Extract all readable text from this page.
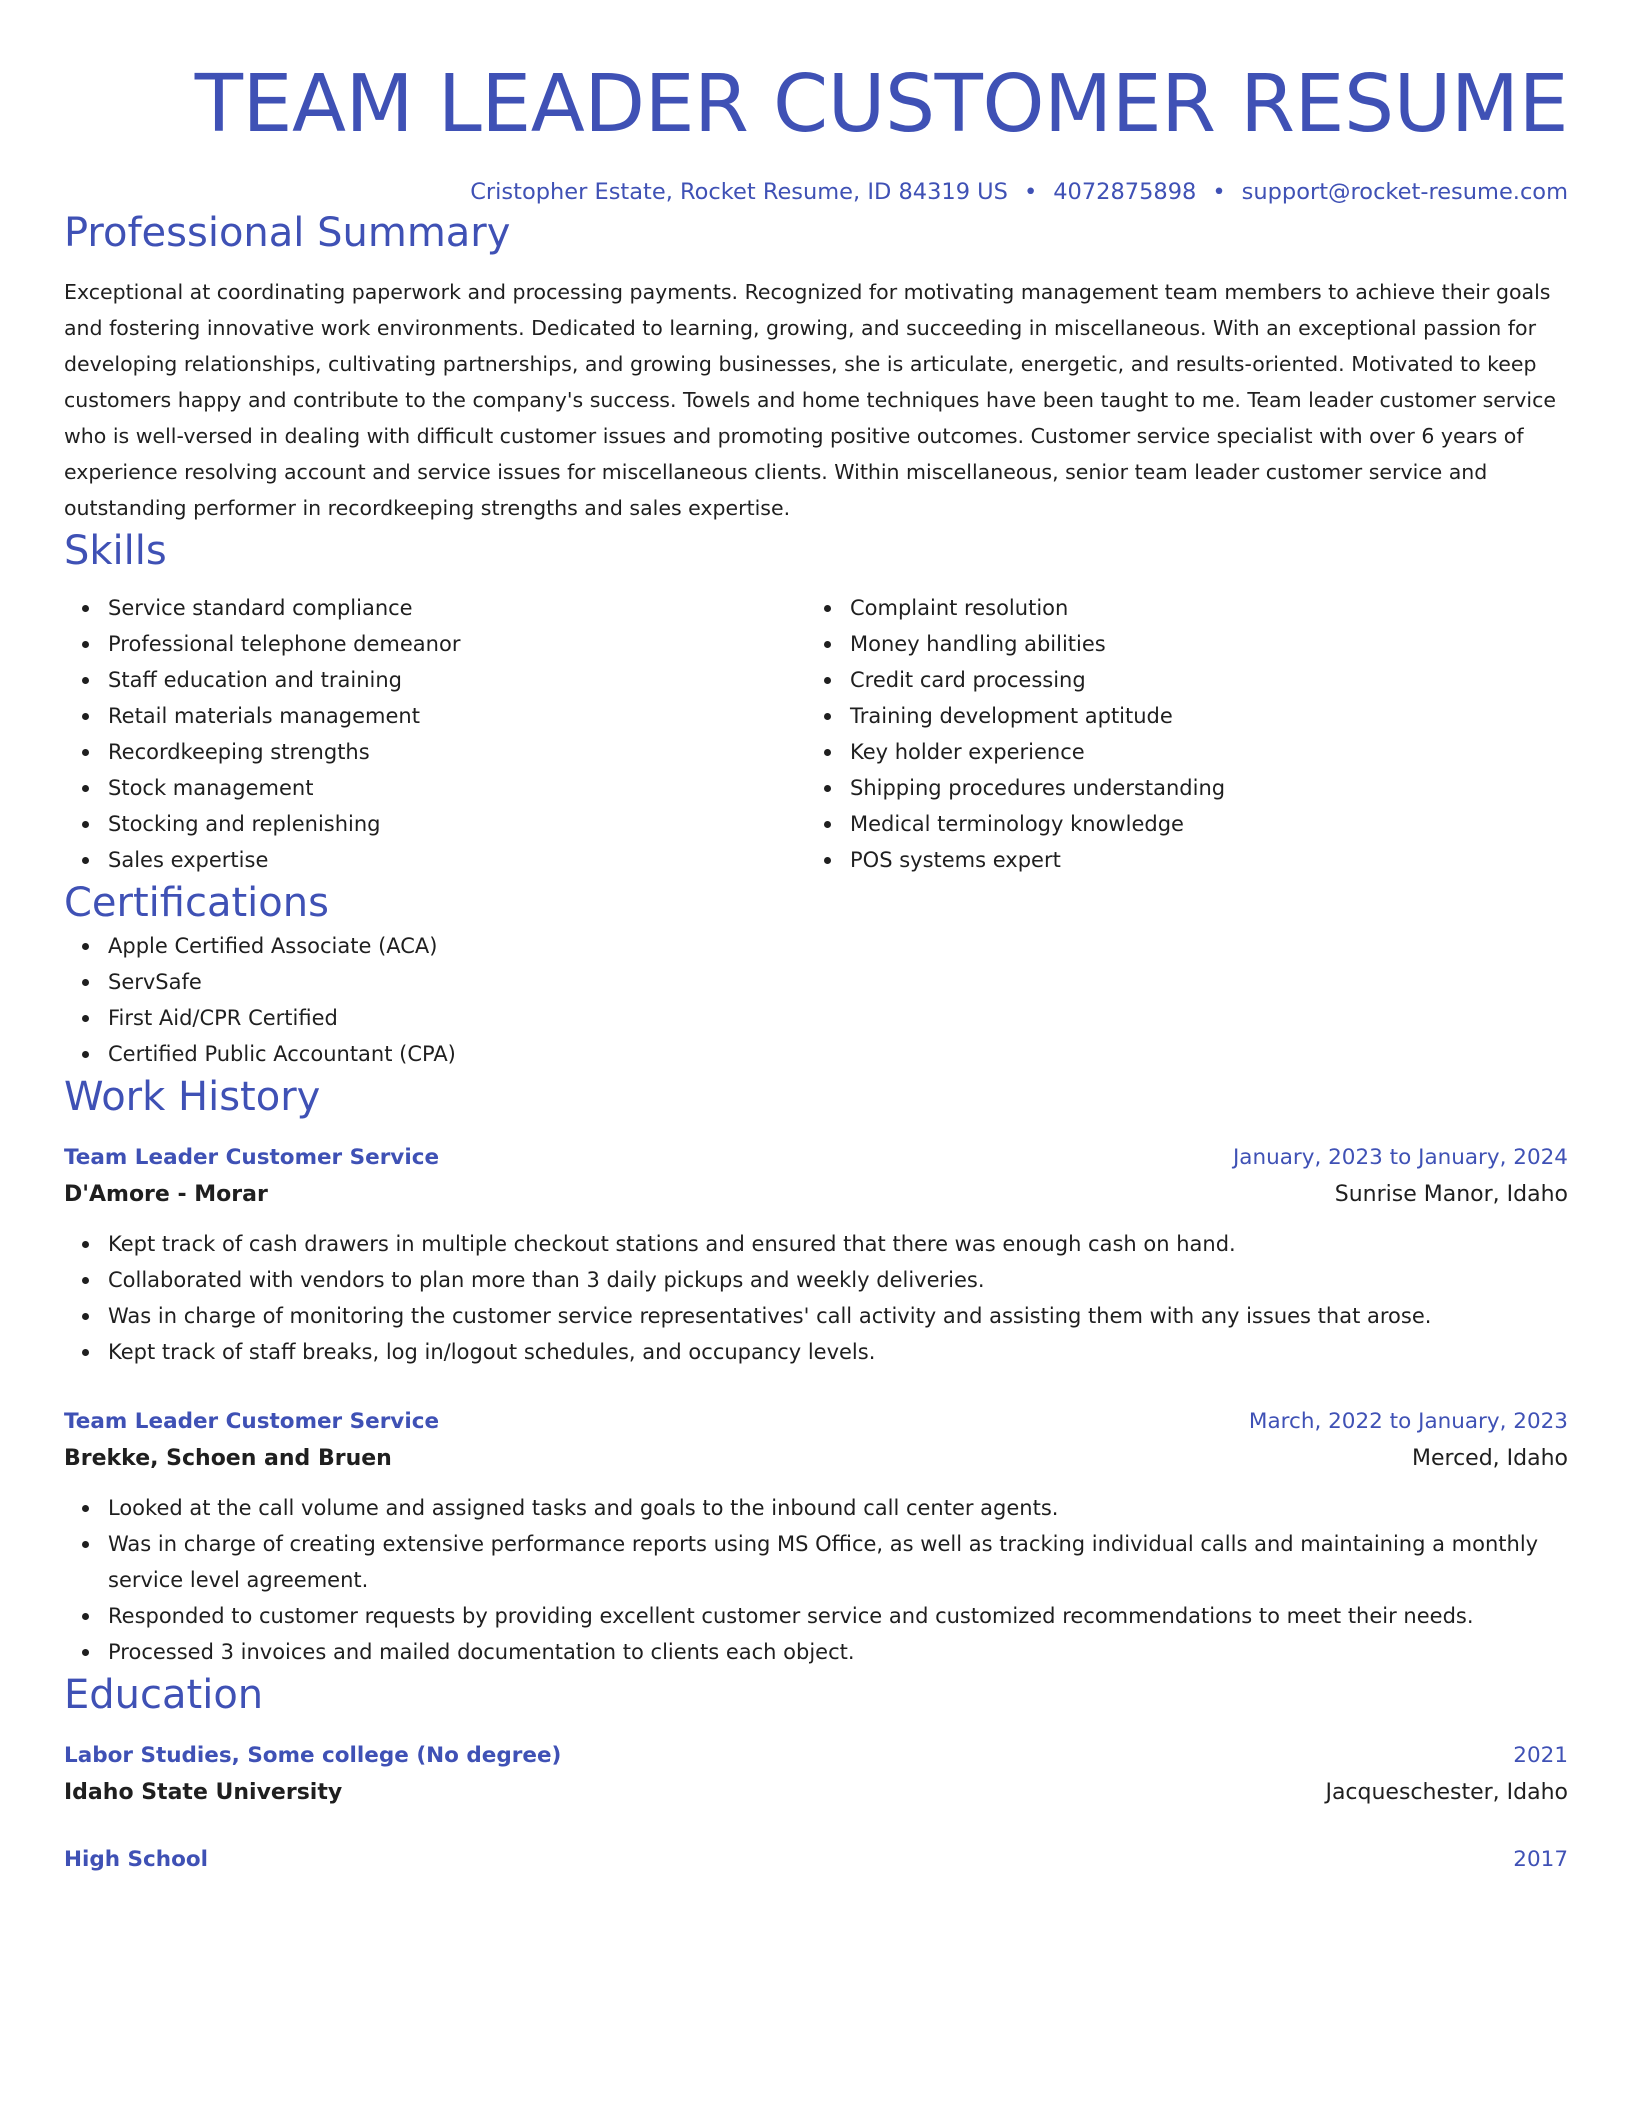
TEAM LEADER CUSTOMER RESUME
Cristopher Estate, Rocket Resume, ID 84319 US • 4072875898 • support@rocket-resume.com
Professional Summary

Exceptional at coordinating paperwork and processing payments. Recognized for motivating management team members to achieve their goals and fostering innovative work environments. Dedicated to learning, growing, and succeeding in miscellaneous. With an exceptional passion for developing relationships, cultivating partnerships, and growing businesses, she is articulate, energetic, and results-oriented. Motivated to keep customers happy and contribute to the company's success. Towels and home techniques have been taught to me. Team leader customer service who is well-versed in dealing with difficult customer issues and promoting positive outcomes. Customer service specialist with over 6 years of experience resolving account and service issues for miscellaneous clients. Within miscellaneous, senior team leader customer service and outstanding performer in recordkeeping strengths and sales expertise.

Skills
Service standard compliance
Professional telephone demeanor
Staff education and training
Retail materials management
Recordkeeping strengths
Stock management
Stocking and replenishing
Sales expertise
Complaint resolution
Money handling abilities
Credit card processing
Training development aptitude
Key holder experience
Shipping procedures understanding
Medical terminology knowledge
POS systems expert
Certifications
Apple Certified Associate (ACA)
ServSafe
First Aid/CPR Certified
Certified Public Accountant (CPA)
Work History
Team Leader Customer Service	January, 2023 to January, 2024
D'Amore - Morar	Sunrise Manor, Idaho
Kept track of cash drawers in multiple checkout stations and ensured that there was enough cash on hand.
Collaborated with vendors to plan more than 3 daily pickups and weekly deliveries.
Was in charge of monitoring the customer service representatives' call activity and assisting them with any issues that arose.
Kept track of staff breaks, log in/logout schedules, and occupancy levels.
Team Leader Customer Service	March, 2022 to January, 2023
Brekke, Schoen and Bruen	Merced, Idaho
Looked at the call volume and assigned tasks and goals to the inbound call center agents.
Was in charge of creating extensive performance reports using MS Office, as well as tracking individual calls and maintaining a monthly service level agreement.
Responded to customer requests by providing excellent customer service and customized recommendations to meet their needs.
Processed 3 invoices and mailed documentation to clients each object.
Education
Labor Studies, Some college (No degree)	2021
Idaho State University	Jacqueschester, Idaho
High School	2017
